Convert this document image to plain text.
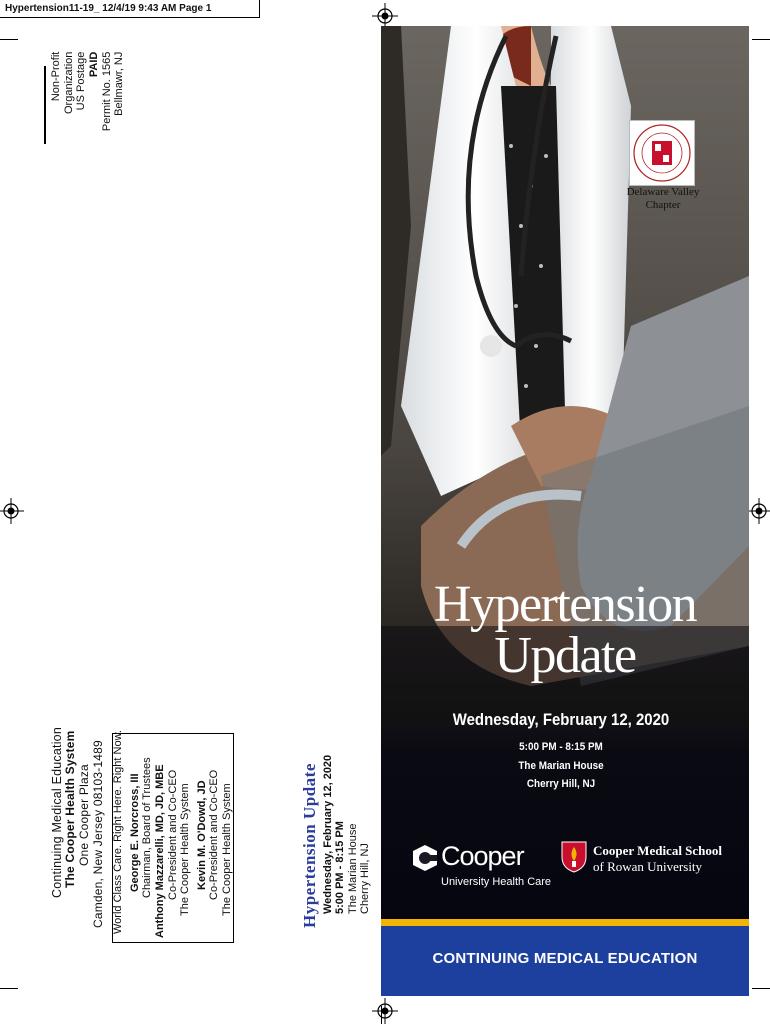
Hypertension11-19_ 12/4/19 9:43 AM Page 1
Non-Profit Organization US Postage PAID Permit No. 1565 Bellmawr, NJ
Continuing Medical Education The Cooper Health System One Cooper Plaza Camden, New Jersey 08103-1489 World Class Care. Right Here. Right Now. George E. Norcross, III Chairman, Board of Trustees Anthony Mazzarelli, MD, JD, MBE Co-President and Co-CEO The Cooper Health System Kevin M. O'Dowd, JD Co-President and Co-CEO The Cooper Health System	Hypertension Update Wednesday, February 12, 2020 5:00 PM - 8:15 PM The Marian House Cherry Hill, NJ
Delaware Valley
Chapter
Hypertension
Update
Wednesday, February 12, 2020
5:00 PM - 8:15 PM
The Marian House
Cherry Hill, NJ
Cooper
University Health Care
Cooper Medical School
of Rowan University
CONTINUING MEDICAL EDUCATION
